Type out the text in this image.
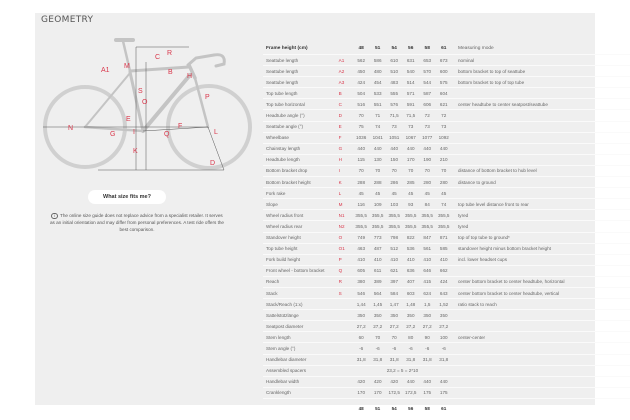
GEOMETRY
A1
M
C
R
B
H
S
O
P
E
N
G	I
F
Q	L
K
D
What size fits me?
i The online size guide does not replace advice from a specialist retailer. It serves as an initial orientation and may differ from personal preferences. A test ride offers the best comparison.
Frame height (cm)		48	51	54	56	58	61	Measuring mode
Seattube length	A1	562	586	610	631	653	673	nominal
Seattube length	A2	450	480	510	540	570	600	bottom bracket to top of seattube
Seattube length	A3	424	454	483	514	544	575	bottom bracket to top of top tube
Top tube length	B	504	533	555	571	587	604	
Top tube horizontal	C	516	551	576	591	606	621	center headtube to center seatpost/seattube
Headtube angle (°)	D	70	71	71,5	71,5	72	72	
Seattube angle (°)	E	75	74	73	73	73	73	
Wheelbase	F	1036	1041	1051	1067	1077	1092	
Chainstay length	G	440	440	440	440	440	440	
Headtube length	H	115	130	150	170	190	210	
Bottom bracket drop	I	70	70	70	70	70	70	distance of bottom bracket to hub level
Bottom bracket height	K	288	288	286	285	280	280	distance to ground
Fork rake	L	45	45	45	45	45	45	
Slope	M	116	109	103	93	84	74	top tube level distance front to rear
Wheel radius front	N1	355,5	355,5	355,5	355,5	355,5	355,5	tyred
Wheel radius rear	N2	355,5	355,5	355,5	355,5	355,5	355,5	tyred
Standover height	O	749	773	798	822	847	871	top of top tube to ground*
Top tube height	O1	463	487	512	536	561	585	standover height minus bottom bracket height
Fork build height	P	410	410	410	410	410	410	incl. lower headset cups
Front wheel - bottom bracket	Q	605	611	621	636	646	662	
Reach	R	380	389	397	407	415	424	center bottom bracket to center headtube, horizontal
Stack	S	546	564	584	603	624	643	center bottom bracket to center headtube, vertical
Stack/Reach (1:x)		1,44	1,45	1,47	1,48	1,5	1,52	ratio stack to reach
Sattelstützlänge		350	350	350	350	350	350	
Seatpost diameter		27,2	27,2	27,2	27,2	27,2	27,2	
Stem length		60	70	70	80	90	100	center-center
Stem angle (°)		-6	-6	-6	-6	-6	-6	
Handlebar diameter		31,8	31,8	31,8	31,8	31,8	31,8	
Assembled spacers		23,2 = 5 = 2*10						
Handlebar width		420	420	420	440	440	440	
Cranklength		170	170	172,5	172,5	175	175	
		48	51	54	56	58	61	
